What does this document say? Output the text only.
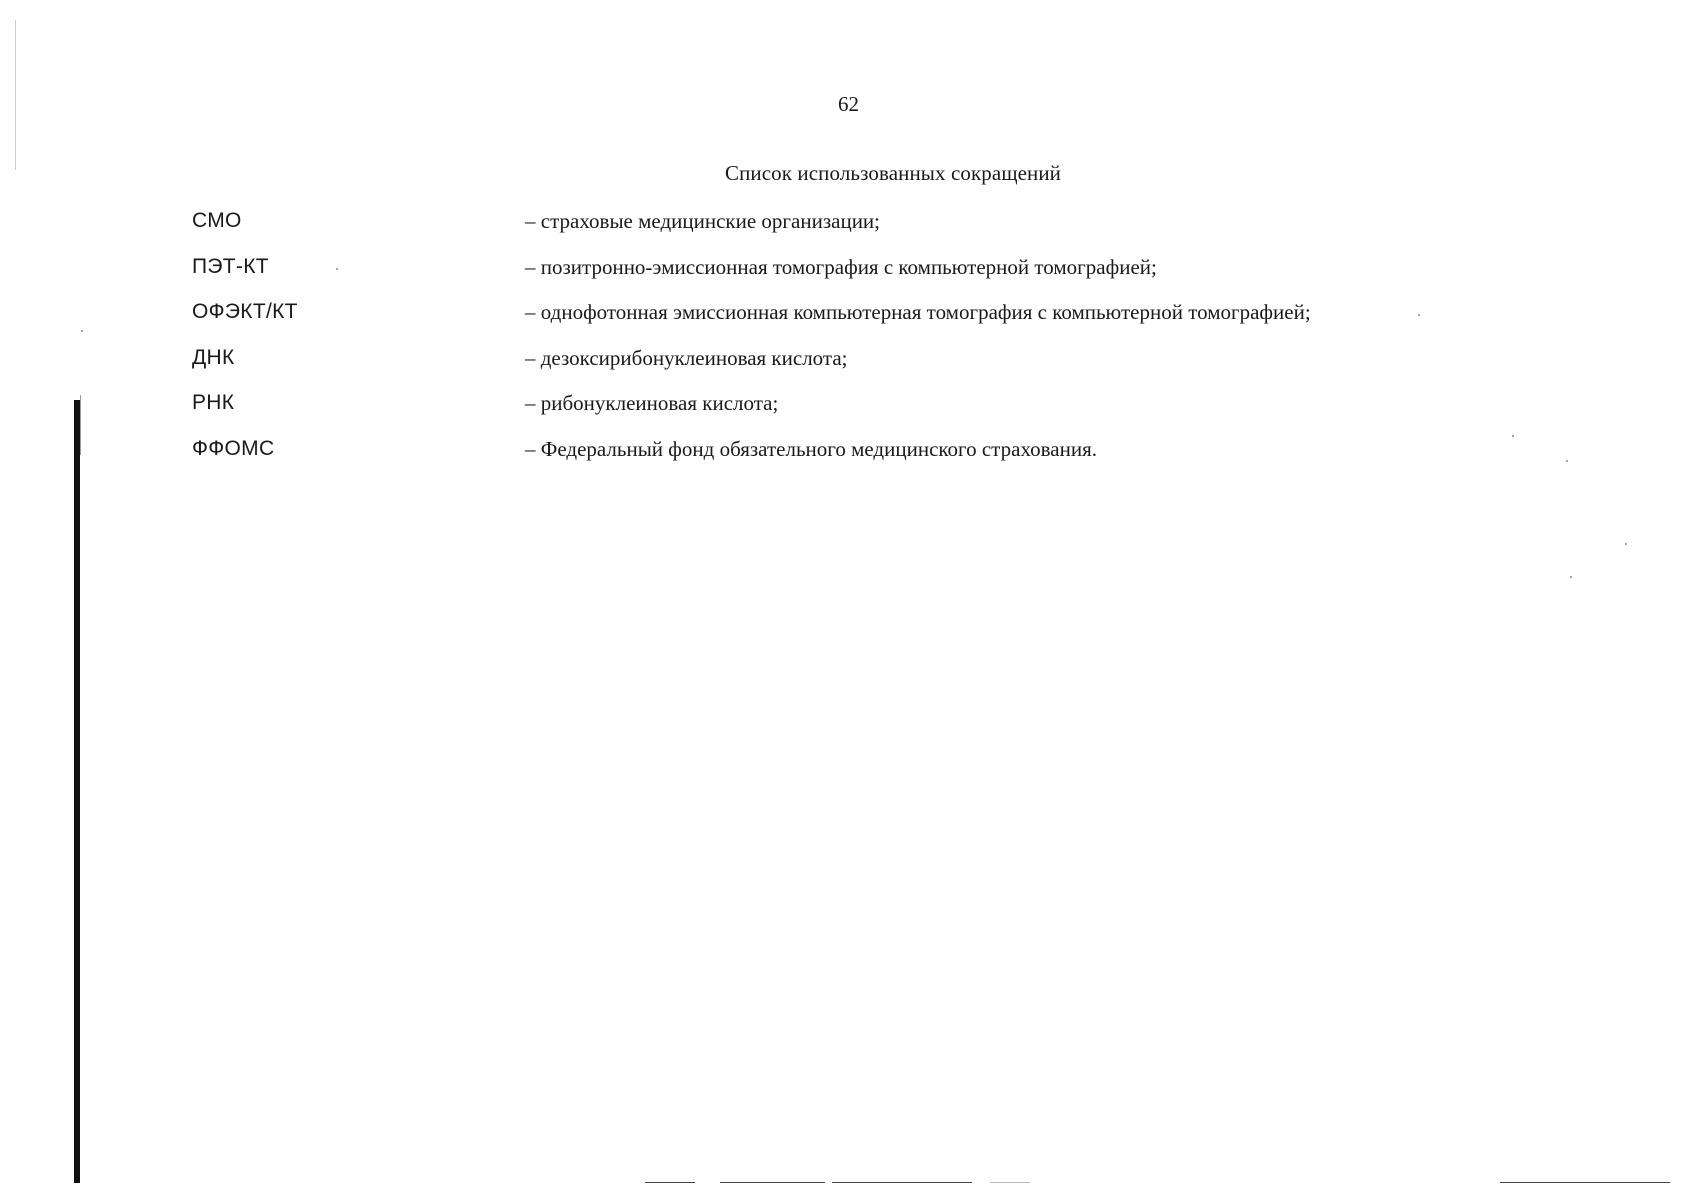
62
Список использованных сокращений
СМО	– страховые медицинские организации;
ПЭТ-КТ	– позитронно-эмиссионная томография с компьютерной томографией;
ОФЭКТ/КТ	– однофотонная эмиссионная компьютерная томография с компьютерной томографией;
ДНК	– дезоксирибонуклеиновая кислота;
РНК	– рибонуклеиновая кислота;
ФФОМС	– Федеральный фонд обязательного медицинского страхования.
